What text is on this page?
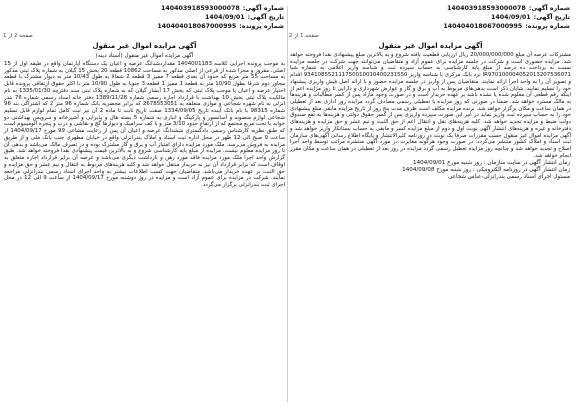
شماره آگهی:
140403918593000078
تاریخ آگهی:
1404/09/01
شماره پرونده:
140404018067000995
صفحه 1 از 2
آگهی مزایده اموال غیر منقول
مشترکات عرصه آن مبلغ 20/000/000/000 ریال ارزیابی قطعیت یافته شروع و به بالاترین مبلغ پیشنهادی نقدا فروخته خواهد شد. مزایده حضوری است و شرکت در جلسه مزایده برای عموم آزاد و متقاضیان می‌توانند جهت شرکت در جلسه مزایده نسبت به پرداخت ده درصد از مبلغ پایه کارشناسی به حساب سپرده ثبت و شناسه واریز اعلامی به شماره شبا IR970100004052013207536071 نزد بانک مرکزی با شناسه واریز 934108552111750010010400231550 اقدام و تصویر آن را به واحد اجرا ارائه نمایند. متقاضیان پس از واریز در جلسه مزایده حضور و با ارائه اصل فیش واریزی پیشنهاد خود را تسلیم نمایند. شایان ذکر است بدهی‌های مربوط به آب و برق و گاز و عوارض شهرداری و دارایی تا روز مزایده اعم از اینکه رقم قطعی آن معلوم شده یا نشده باشد بر عهده خریدار است و در صورت وجود مازاد پس از کسر مطالبات و هزینه‌ها به مالک مسترد خواهد شد. ضمنا در صورتی که روز مزایده با تعطیلی رسمی مصادف گردد مزایده روز اداری بعد از تعطیلی در همان ساعت و مکان برگزار خواهد شد. برنده مزایده مکلف است ظرف مدت پنج روز از تاریخ مزایده مابقی مبلغ پیشنهادی خود را به حساب سپرده ثبت واریز نماید در غیر این صورت سپرده واریزی پس از کسر حقوق دولتی و هزینه‌ها به نفع صندوق دولت ضبط و مزایده تجدید خواهد شد. کلیه هزینه‌های نقل و انتقال اعم از حق الثبت و نیم عشر و حق مزایده و هزینه‌های دفترخانه و غیره و هزینه‌های انتشار آگهی نوبت اول و دوم از مبلغ مزایده کسر و مابقی به حساب بستانکار واریز خواهد شد و آگهی مزایده اموال غیر منقول حسب مقررات صرفا یک نوبت در روزنامه کثیرالانتشار و پایگاه اطلاع رسانی آگهی‌های سازمان ثبت اسناد و املاک کشور منتشر می‌گردد. در صورت وجود هرگونه مغایرت در مورد آگهی منتشره مراتب توسط واحد اجرا اصلاح و تجدید خواهد شد و چنانچه روز مزایده تعطیل رسمی گردد مزایده در روز بعد از تعطیلی در همان ساعت و مکان مقرر انجام خواهد شد.
زمان انتشار آگهی در سایت سازمان : روز شنبه مورخ 1404/09/01
زمان انتشار آگهی در روزنامه الکترونیکی : روز شنبه مورخ 1404/09/08
مسئول اجرای اسناد رسمی بندرانزلی-عباس شجاعی
شماره آگهی:
140403918593000078
تاریخ آگهی:
1404/09/01
شماره پرونده:
140404018067000995
صفحه 2 از 1
آگهی مزایده اموال غیر منقول
آگهی مزایده اموال غیر منقول (اسناد دینه)
به موجب پرونده اجرایی کلاسه 1404001183 مقداردشدانگ عرصه و اعیان یک دستگاه آپارتمان واقع در طبقه اول از 15 اصلی، مفروز و مجزا شده از قرعی از اصلی مذکور به مساحت 10862 قطعه 20 بخش 15 گیلان به شماره پلاک ثبتی مذکور به مساحت 55 متر مربع که حدود آن بعدی قطعه 7 ممیز 3 قطعه 2 شمالا به طول 10/43 متر به دیوار مشترک با قطعه مجاور دوم شرقا بطول 10/90 متر به قطعه 1 ممیز 1 قطعه 3 جنوبا به طول 10/90 متر با اکثر حقوق ارتفاقی پرونده قابل اختیار عرصه و اعیان با موجب پلاک ثبتی که بخش 17 آبشار گیلان که به شماره پلاک ثبتی سند دفترچه 1335/01/30 به نام مالکیت پلاک ثبتی بخش 10 بهداشت با قرارداد اجاره رسمی شماره 1389/11/28 دفتر خانه اسناد رسمی شماره 76 بندر انزلی به نام شهره شجاعی و موازی متعلقه به 2678553051 که برابر محضریه بانک شماره 96 متر 2 که اشتراکی بند 96 شماره 98315 با نام بانک آینده تاریخ 1334/09/05 صفت تاریخ ثابت تا ماده 2 آن نیز ثبت کامل تمام لوازم قابل تسلیم شجاعی لوازم منصوبه و آسانسور و پارکینگ و انباری به شماره 5 بسته هال و پذیرایی و آشپزخانه و سرویس بهداشتی دو خوابه با تحت مربع مجتمع که از ارتفاع حدود 3/10 متر و با کف سرامیک و دیوارها گچ و نقاشی و درب و پنجره آلومینیوم است که طبق نظریه کارشناس رسمی دادگستری ششدانگ عرصه و اعیان آن پس از رعایت مشاعی 99 مورخ 1404/09/17 از ساعت 9 صبح الی 12 ظهر در محل اداره ثبت اسناد و املاک بندرانزلی واقع در خیابان مطهری جنب بانک ملی و از طریق مزایده به فروش می‌رسد. ملک مورد مزایده دارای امتیاز آب و برق و گاز مشترک بوده و در تصرف مالک می‌باشد و بدهی آن تا روز مزایده معلوم نیست. مزایده از مبلغ پایه کارشناسی شروع و به بالاترین قیمت پیشنهادی نقدا فروخته خواهد شد. طبق گزارش واحد اجرا ملک مورد مزایده فاقد مورد رهن و بازداشت دیگری می‌باشد و عرصه آن برابر قرارداد اجاره متعلق به اوقاف است که برابر قرارداد آن نیز به خریدار منتقل خواهد شد و کلیه هزینه‌های مربوط به انتقال و نیم عشر و حق مزایده و حق الثبت بر عهده خریدار می‌باشد. متقاضیان جهت کسب اطلاعات بیشتر به واحد اجرای اسناد رسمی بندرانزلی مراجعه نمایند. شرکت در مزایده برای عموم آزاد است و مزایده در روز دوشنبه مورخ 1404/09/17 از ساعت 9 الی 12 در محل اجرای ثبت بندرانزلی برگزار می‌گردد.
